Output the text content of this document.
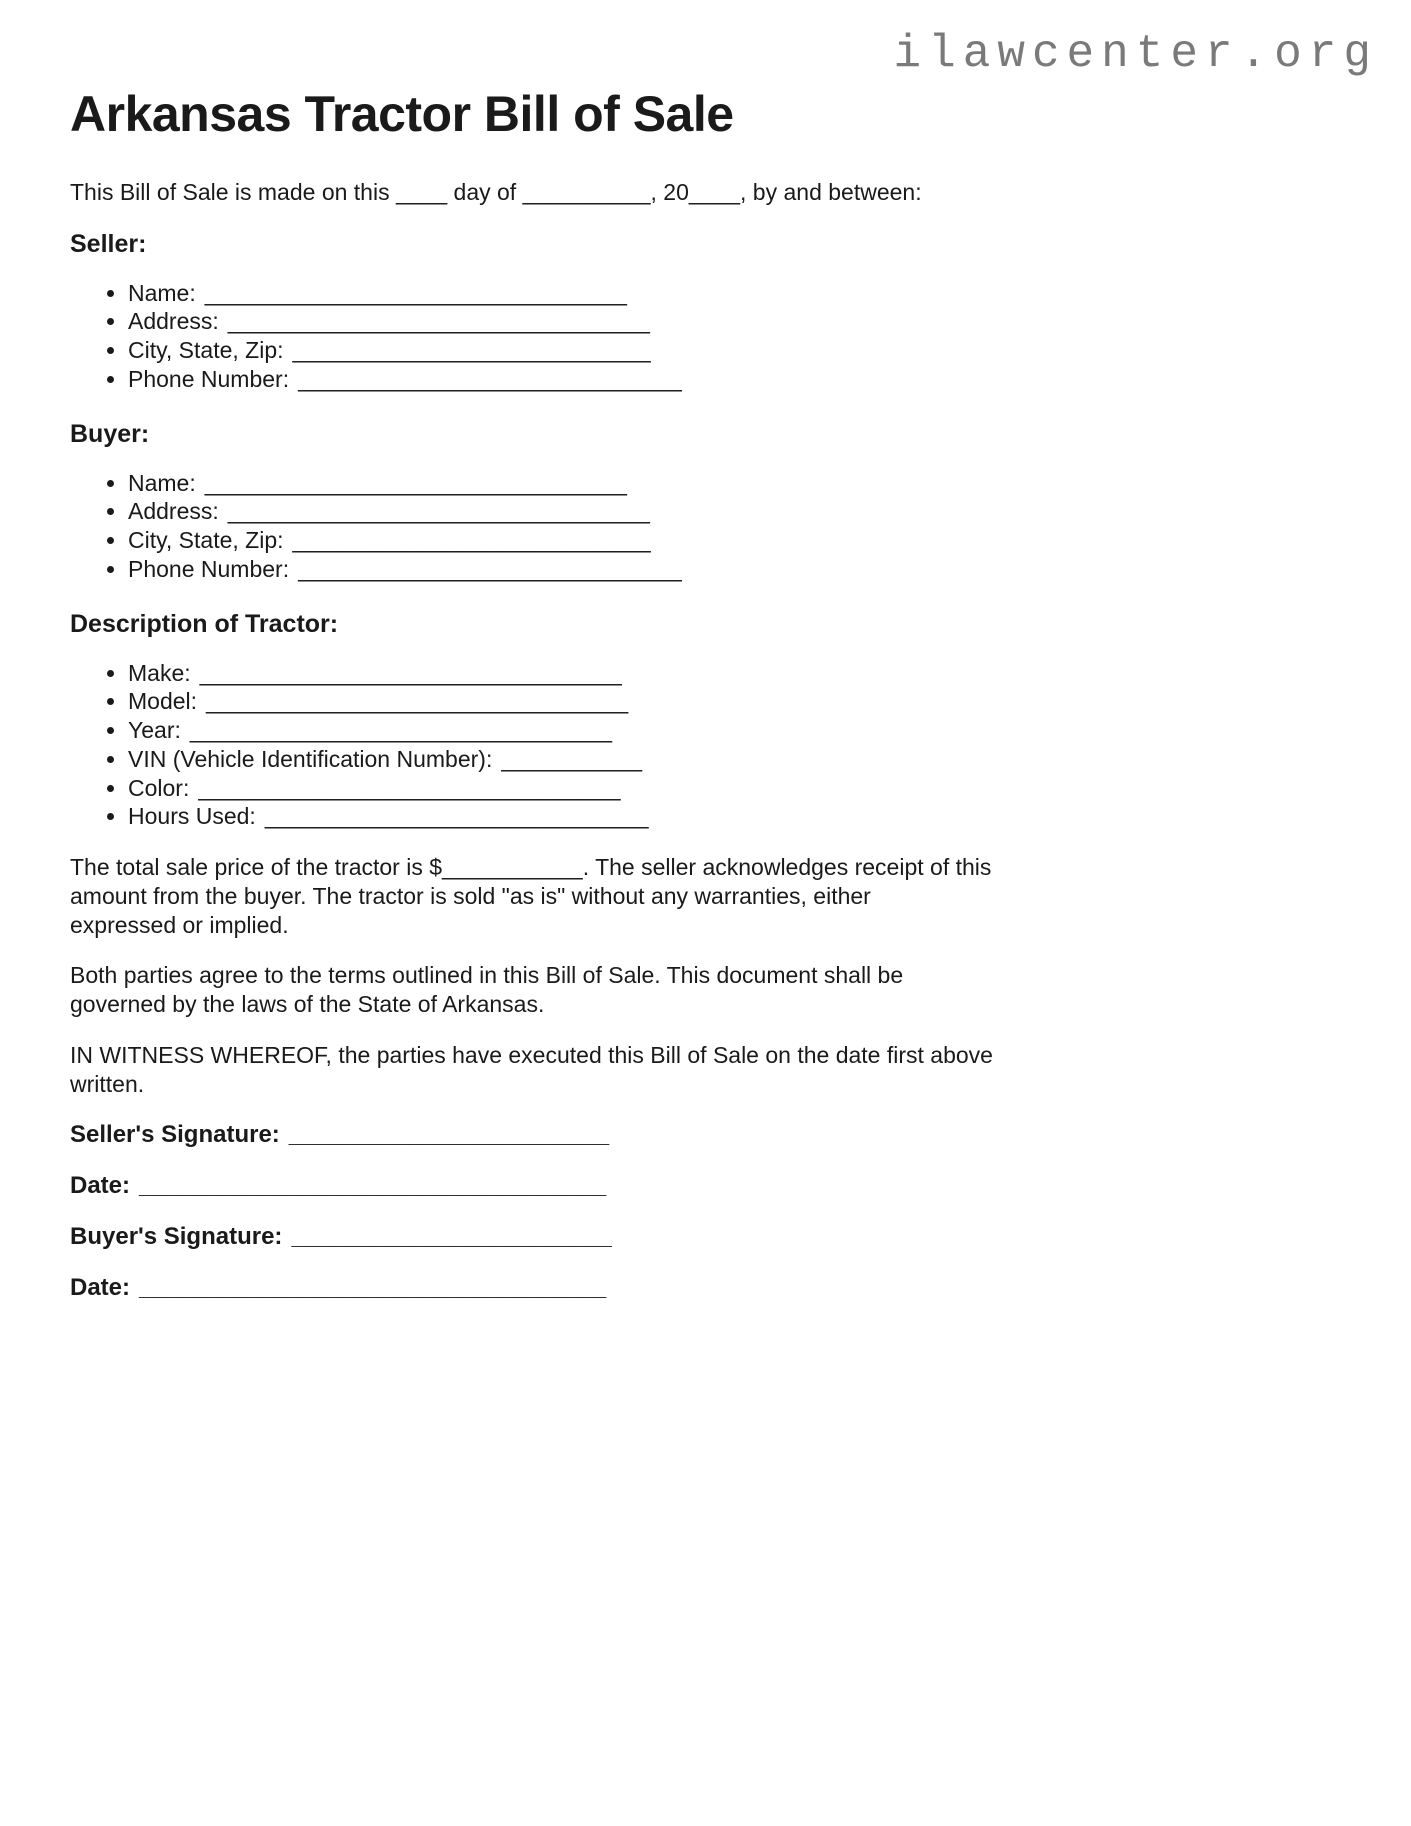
ilawcenter.org
Arkansas Tractor Bill of Sale

This Bill of Sale is made on this ____ day of __________, 20____, by and between:

Seller:
• Name: _________________________________
• Address: _________________________________
• City, State, Zip: ____________________________
• Phone Number: ______________________________
Buyer:
• Name: _________________________________
• Address: _________________________________
• City, State, Zip: ____________________________
• Phone Number: ______________________________
Description of Tractor:
• Make: _________________________________
• Model: _________________________________
• Year: _________________________________
• VIN (Vehicle Identification Number): ___________
• Color: _________________________________
• Hours Used: ______________________________

The total sale price of the tractor is $___________. The seller acknowledges receipt of this
amount from the buyer. The tractor is sold "as is" without any warranties, either
expressed or implied.

Both parties agree to the terms outlined in this Bill of Sale. This document shall be
governed by the laws of the State of Arkansas.

IN WITNESS WHEREOF, the parties have executed this Bill of Sale on the date first above
written.

Seller's Signature: ________________________
Date: ___________________________________
Buyer's Signature: ________________________
Date: ___________________________________
